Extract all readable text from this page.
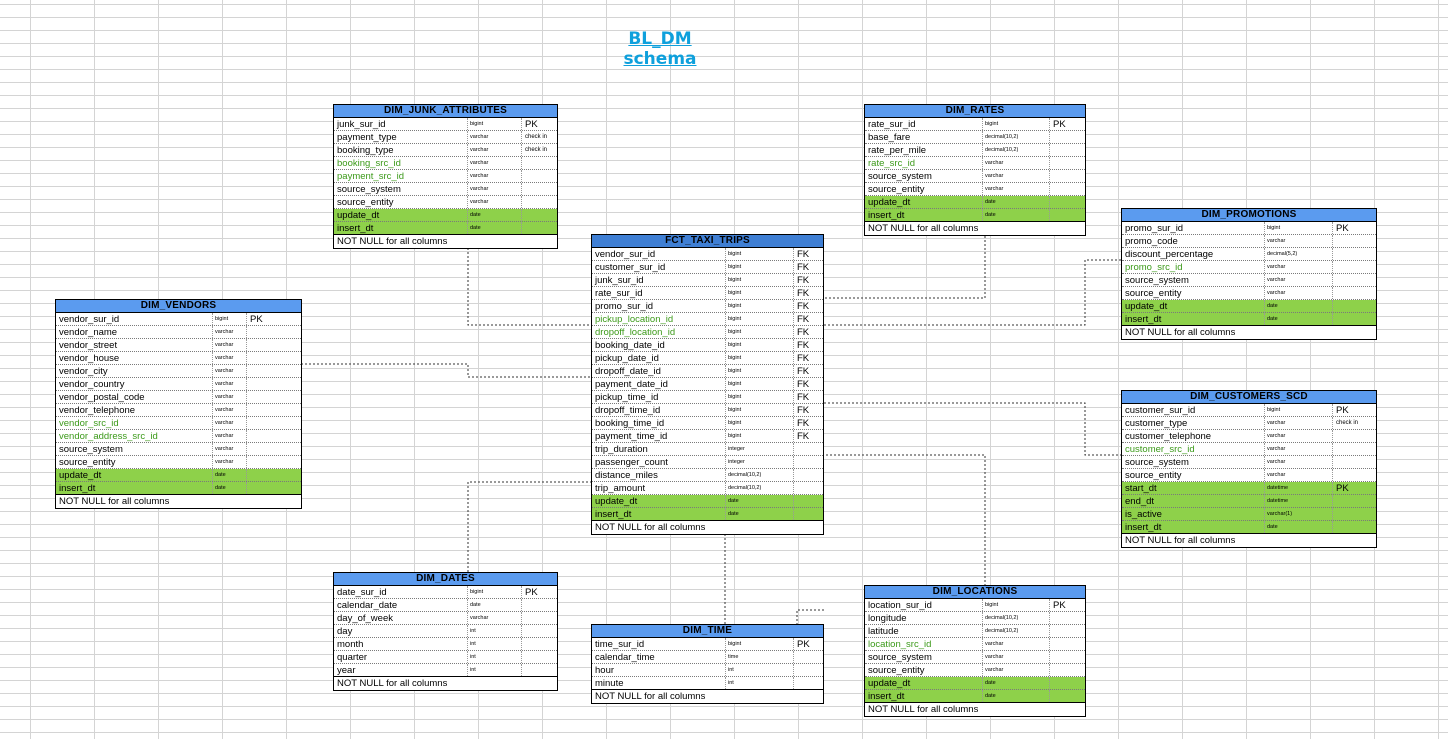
BL_DM schema
DIM_JUNK_ATTRIBUTES
junk_sur_id	bigint	PK
payment_type	varchar	check in
booking_type	varchar	check in
booking_src_id	varchar
payment_src_id	varchar
source_system	varchar
source_entity	varchar
update_dt	date
insert_dt	date
NOT NULL for all columns
DIM_RATES
rate_sur_id	bigint	PK
base_fare	decimal(10,2)
rate_per_mile	decimal(10,2)
rate_src_id	varchar
source_system	varchar
source_entity	varchar
update_dt	date
insert_dt	date
NOT NULL for all columns
DIM_PROMOTIONS
promo_sur_id	bigint	PK
promo_code	varchar
discount_percentage	decimal(5,2)
promo_src_id	varchar
source_system	varchar
source_entity	varchar
update_dt	date
insert_dt	date
NOT NULL for all columns
FCT_TAXI_TRIPS
vendor_sur_id	bigint	FK
customer_sur_id	bigint	FK
junk_sur_id	bigint	FK
rate_sur_id	bigint	FK
promo_sur_id	bigint	FK
pickup_location_id	bigint	FK
dropoff_location_id	bigint	FK
booking_date_id	bigint	FK
pickup_date_id	bigint	FK
dropoff_date_id	bigint	FK
payment_date_id	bigint	FK
pickup_time_id	bigint	FK
dropoff_time_id	bigint	FK
booking_time_id	bigint	FK
payment_time_id	bigint	FK
trip_duration	integer
passenger_count	integer
distance_miles	decimal(10,2)
trip_amount	decimal(10,2)
update_dt	date
insert_dt	date
NOT NULL for all columns
DIM_VENDORS
vendor_sur_id	bigint	PK
vendor_name	varchar
vendor_street	varchar
vendor_house	varchar
vendor_city	varchar
vendor_country	varchar
vendor_postal_code	varchar
vendor_telephone	varchar
vendor_src_id	varchar
vendor_address_src_id	varchar
source_system	varchar
source_entity	varchar
update_dt	date
insert_dt	date
NOT NULL for all columns
DIM_CUSTOMERS_SCD
customer_sur_id	bigint	PK
customer_type	varchar	check in
customer_telephone	varchar
customer_src_id	varchar
source_system	varchar
source_entity	varchar
start_dt	datetime	PK
end_dt	datetime
is_active	varchar(1)
insert_dt	date
NOT NULL for all columns
DIM_DATES
date_sur_id	bigint	PK
calendar_date	date
day_of_week	varchar
day	int
month	int
quarter	int
year	int
NOT NULL for all columns
DIM_TIME
time_sur_id	bigint	PK
calendar_time	time
hour	int
minute	int
NOT NULL for all columns
DIM_LOCATIONS
location_sur_id	bigint	PK
longitude	decimal(10,2)
latitude	decimal(10,2)
location_src_id	varchar
source_system	varchar
source_entity	varchar
update_dt	date
insert_dt	date
NOT NULL for all columns
